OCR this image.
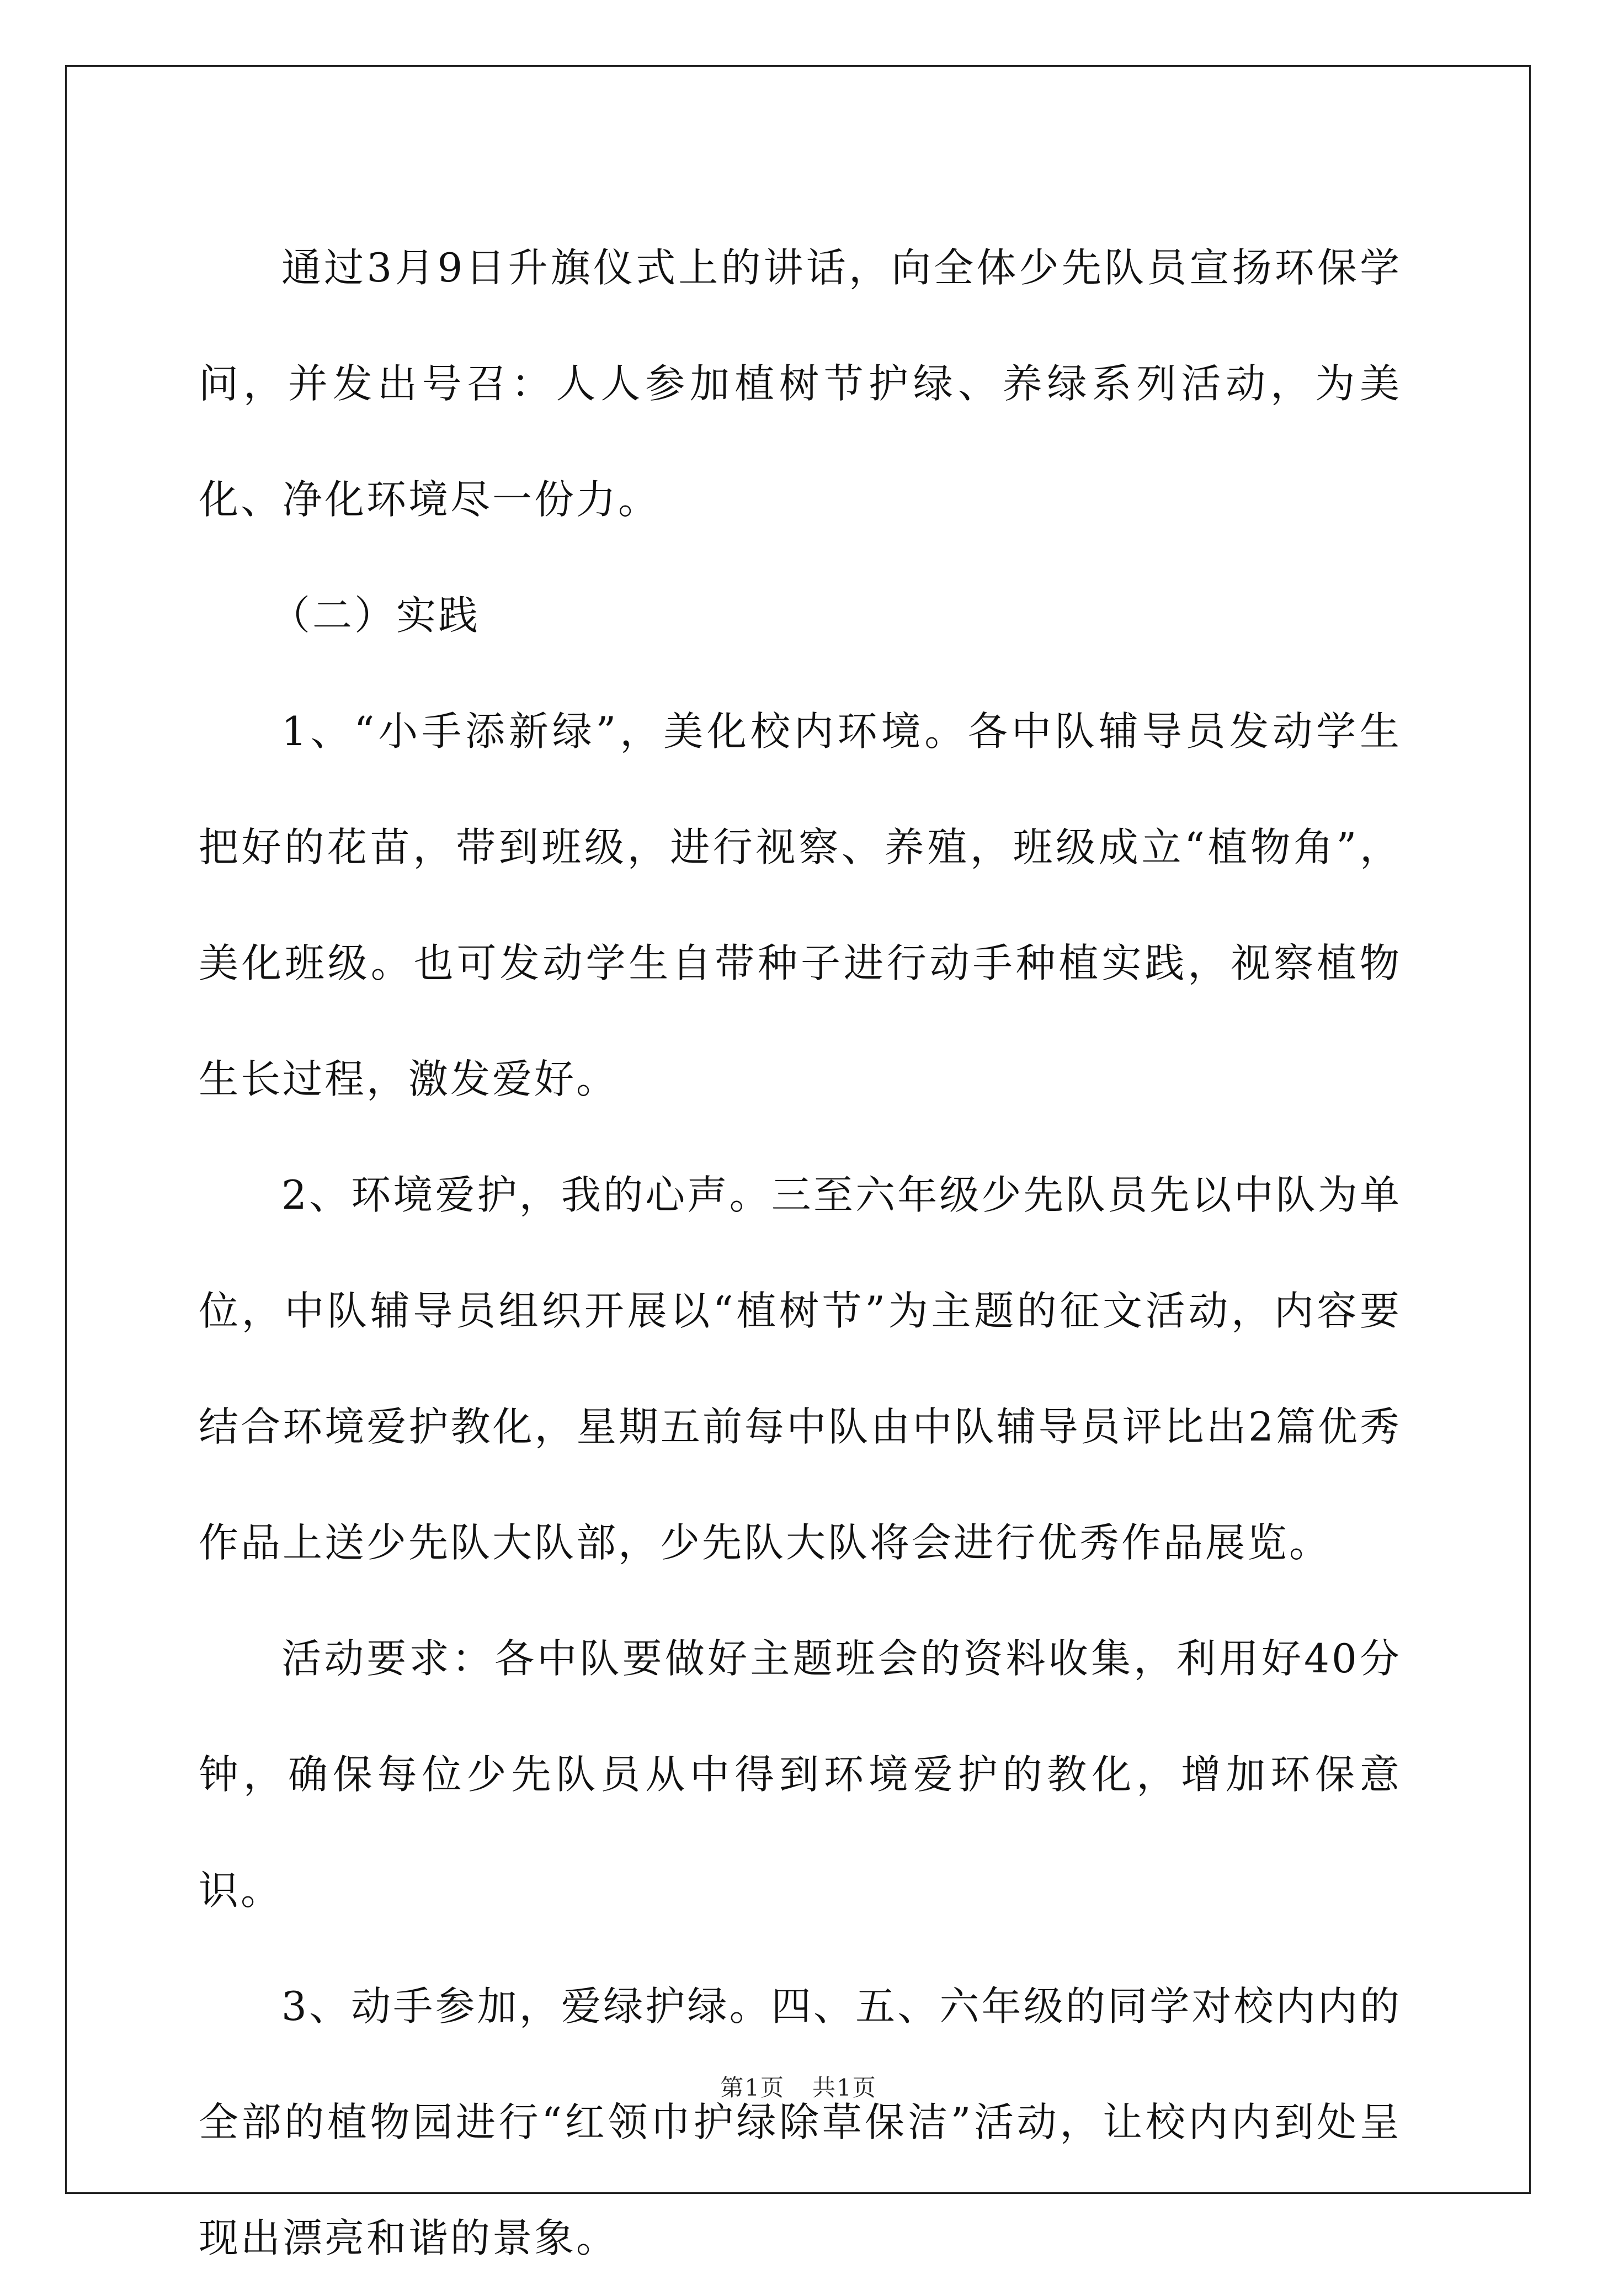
通过3月9日升旗仪式上的讲话，向全体少先队员宣扬环保学问，并发出号召：人人参加植树节护绿、养绿系列活动，为美化、净化环境尽一份力。

（二）实践

1、“小手添新绿”，美化校内环境。各中队辅导员发动学生把好的花苗，带到班级，进行视察、养殖，班级成立“植物角”，美化班级。也可发动学生自带种子进行动手种植实践，视察植物生长过程，激发爱好。

2、环境爱护，我的心声。三至六年级少先队员先以中队为单位，中队辅导员组织开展以“植树节”为主题的征文活动，内容要结合环境爱护教化，星期五前每中队由中队辅导员评比出2篇优秀作品上送少先队大队部，少先队大队将会进行优秀作品展览。

活动要求：各中队要做好主题班会的资料收集，利用好40分钟，确保每位少先队员从中得到环境爱护的教化，增加环保意识。

3、动手参加，爱绿护绿。四、五、六年级的同学对校内内的全部的植物园进行“红领巾护绿除草保洁”活动，让校内内到处呈现出漂亮和谐的景象。

第1页 共1页
